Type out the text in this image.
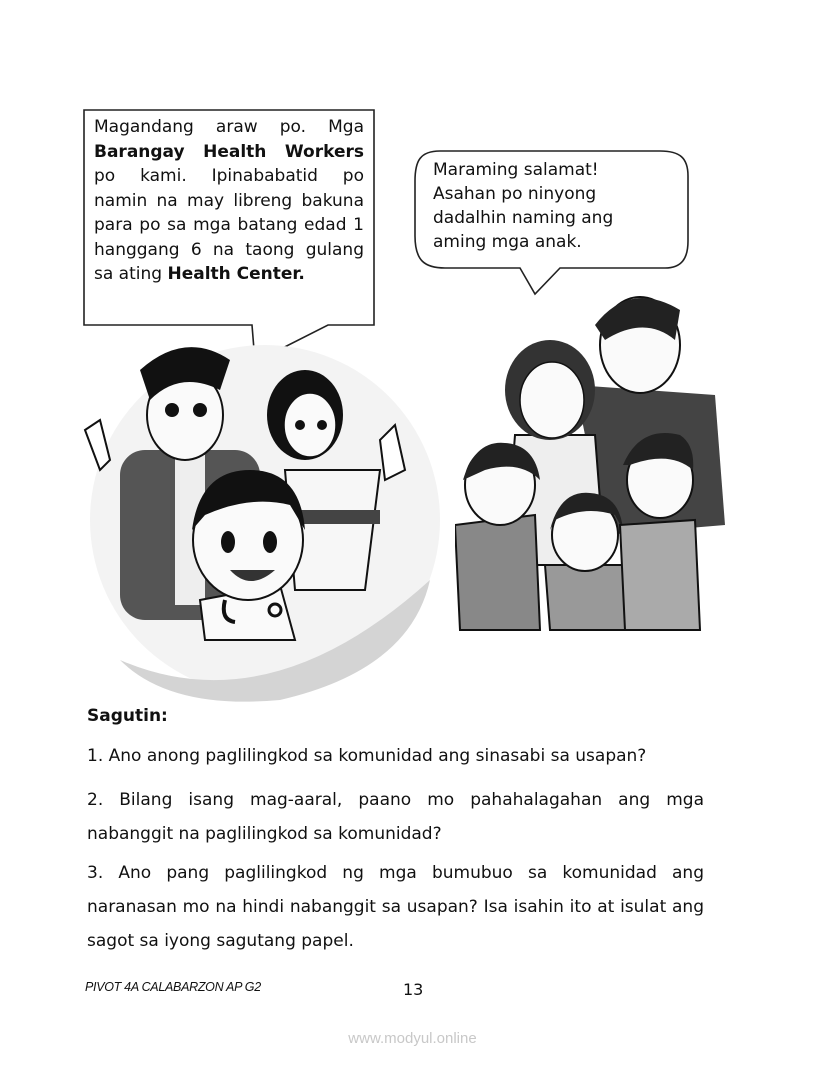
Magandang araw po. Mga Barangay Health Workers po kami. Ipinababatid po namin na may libreng bakuna para po sa mga batang edad 1 hanggang 6 na taong gulang sa ating Health Center.
Maraming salamat!
Asahan po ninyong
dadalhin naming ang
aming mga anak.
Sagutin:
1. Ano anong paglilingkod sa komunidad ang sinasabi sa usapan?
2. Bilang isang mag-aaral, paano mo pahahalagahan ang mga nabanggit na paglilingkod sa komunidad?
3. Ano pang paglilingkod ng mga bumubuo sa komunidad ang naranasan mo na hindi nabanggit sa usapan? Isa isahin ito at isulat ang sagot sa iyong sagutang papel.
PIVOT 4A CALABARZON AP G2	13
www.modyul.online
